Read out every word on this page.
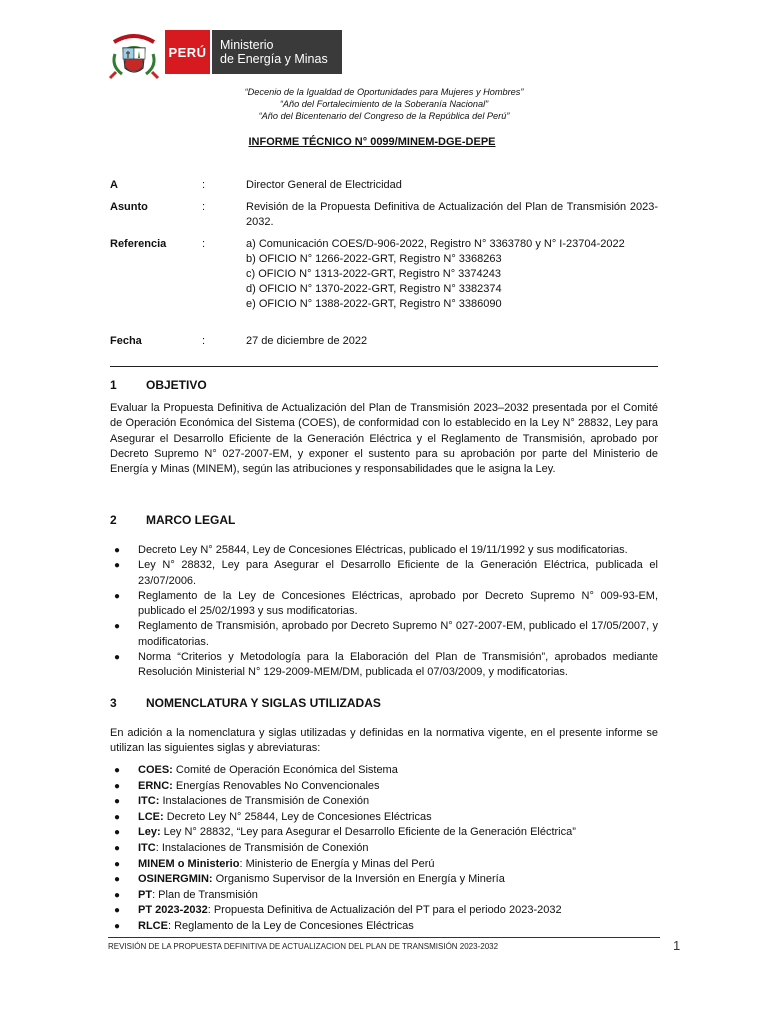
PERÚ Ministerio
de Energía y Minas
“Decenio de la Igualdad de Oportunidades para Mujeres y Hombres”
“Año del Fortalecimiento de la Soberanía Nacional”
“Año del Bicentenario del Congreso de la República del Perú”
INFORME TÉCNICO N° 0099/MINEM-DGE-DEPE
A	:	Director General de Electricidad
Asunto	:	Revisión de la Propuesta Definitiva de Actualización del Plan de Transmisión 2023-2032.
Referencia	:	a) Comunicación COES/D-906-2022, Registro N° 3363780 y N° I-23704-2022
b) OFICIO N° 1266-2022-GRT, Registro N° 3368263
c) OFICIO N° 1313-2022-GRT, Registro N° 3374243
d) OFICIO N° 1370-2022-GRT, Registro N° 3382374
e) OFICIO N° 1388-2022-GRT, Registro N° 3386090
Fecha	:	27 de diciembre de 2022
1 OBJETIVO

Evaluar la Propuesta Definitiva de Actualización del Plan de Transmisión 2023–2032 presentada por el Comité de Operación Económica del Sistema (COES), de conformidad con lo establecido en la Ley N° 28832, Ley para Asegurar el Desarrollo Eficiente de la Generación Eléctrica y el Reglamento de Transmisión, aprobado por Decreto Supremo N° 027-2007-EM, y exponer el sustento para su aprobación por parte del Ministerio de Energía y Minas (MINEM), según las atribuciones y responsabilidades que le asigna la Ley.

2 MARCO LEGAL
● Decreto Ley N° 25844, Ley de Concesiones Eléctricas, publicado el 19/11/1992 y sus modificatorias.
● Ley N° 28832, Ley para Asegurar el Desarrollo Eficiente de la Generación Eléctrica, publicada el 23/07/2006.
● Reglamento de la Ley de Concesiones Eléctricas, aprobado por Decreto Supremo N° 009-93-EM, publicado el 25/02/1993 y sus modificatorias.
● Reglamento de Transmisión, aprobado por Decreto Supremo N° 027-2007-EM, publicado el 17/05/2007, y modificatorias.
● Norma “Criterios y Metodología para la Elaboración del Plan de Transmisión”, aprobados mediante Resolución Ministerial N° 129-2009-MEM/DM, publicada el 07/03/2009, y modificatorias.
3 NOMENCLATURA Y SIGLAS UTILIZADAS

En adición a la nomenclatura y siglas utilizadas y definidas en la normativa vigente, en el presente informe se utilizan las siguientes siglas y abreviaturas:

● COES: Comité de Operación Económica del Sistema
● ERNC: Energías Renovables No Convencionales
● ITC: Instalaciones de Transmisión de Conexión
● LCE: Decreto Ley N° 25844, Ley de Concesiones Eléctricas
● Ley: Ley N° 28832, “Ley para Asegurar el Desarrollo Eficiente de la Generación Eléctrica”
● ITC: Instalaciones de Transmisión de Conexión
● MINEM o Ministerio: Ministerio de Energía y Minas del Perú
● OSINERGMIN: Organismo Supervisor de la Inversión en Energía y Minería
● PT: Plan de Transmisión
● PT 2023-2032: Propuesta Definitiva de Actualización del PT para el periodo 2023-2032
● RLCE: Reglamento de la Ley de Concesiones Eléctricas
REVISIÓN DE LA PROPUESTA DEFINITIVA DE ACTUALIZACION DEL PLAN DE TRANSMISIÓN 2023-2032	1
